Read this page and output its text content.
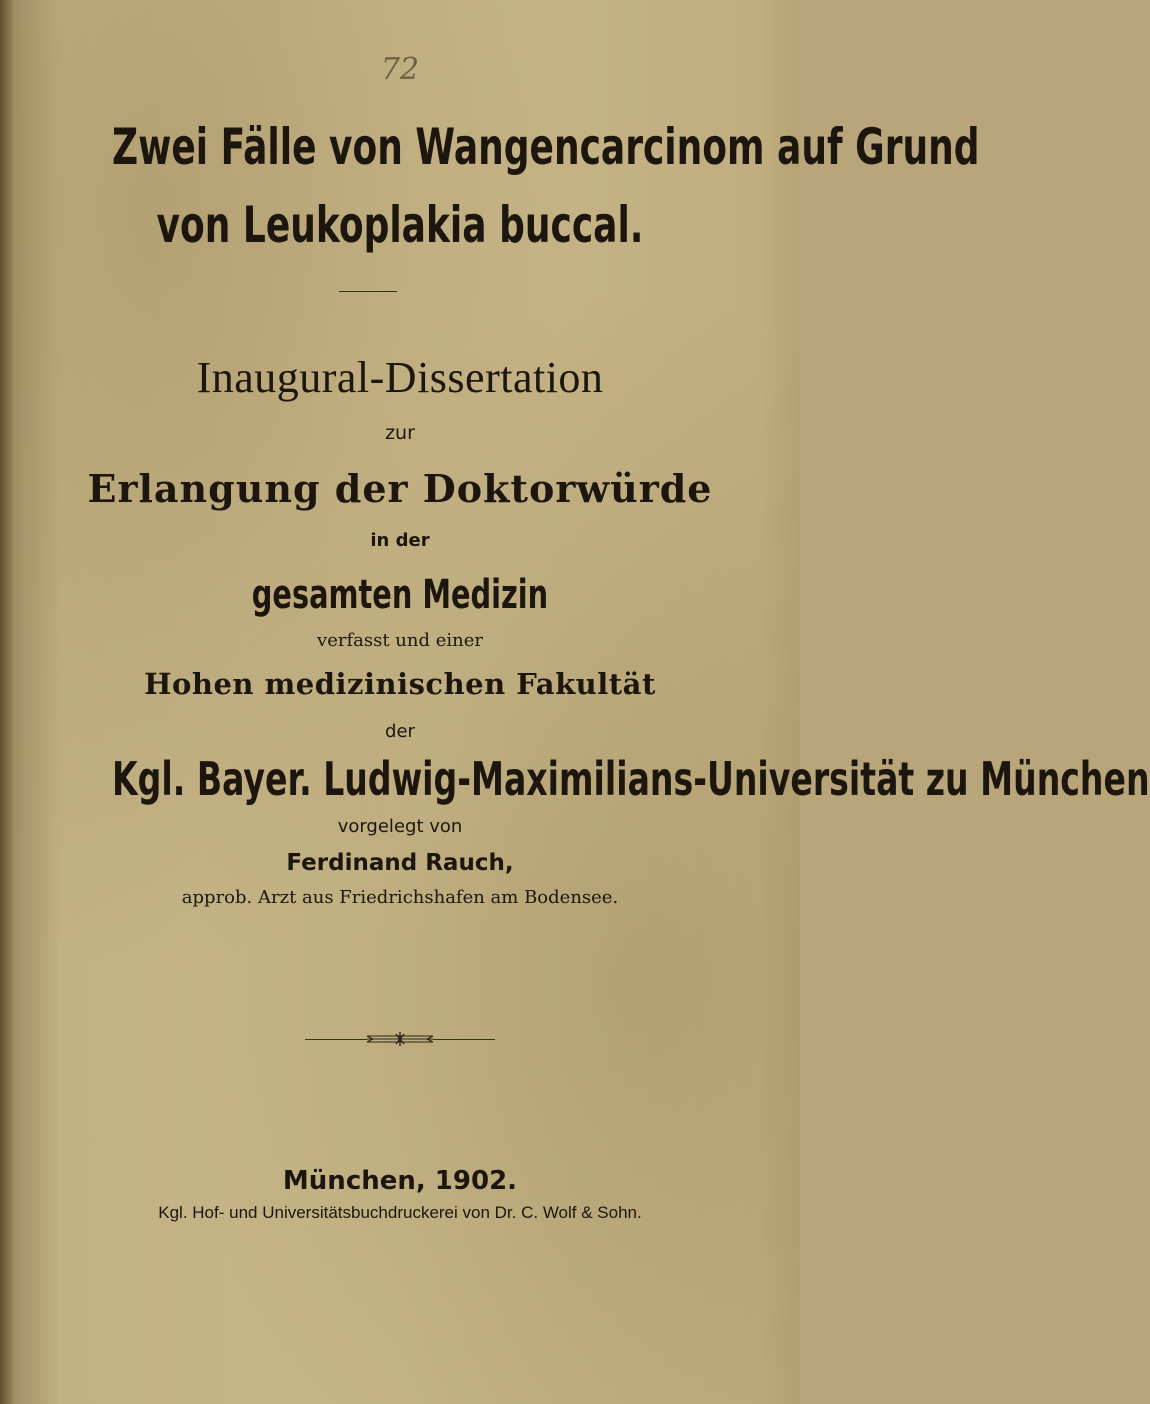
72
Zwei Fälle von Wangencarcinom auf Grund
von Leukoplakia buccal.
Inaugural-Dissertation
zur
Erlangung der Doktorwürde
in der
gesamten Medizin
verfasst und einer
Hohen medizinischen Fakultät
der
Kgl. Bayer. Ludwig-Maximilians-Universität zu München
vorgelegt von
Ferdinand Rauch,
approb. Arzt aus Friedrichshafen am Bodensee.
München, 1902.
Kgl. Hof- und Universitätsbuchdruckerei von Dr. C. Wolf & Sohn.
